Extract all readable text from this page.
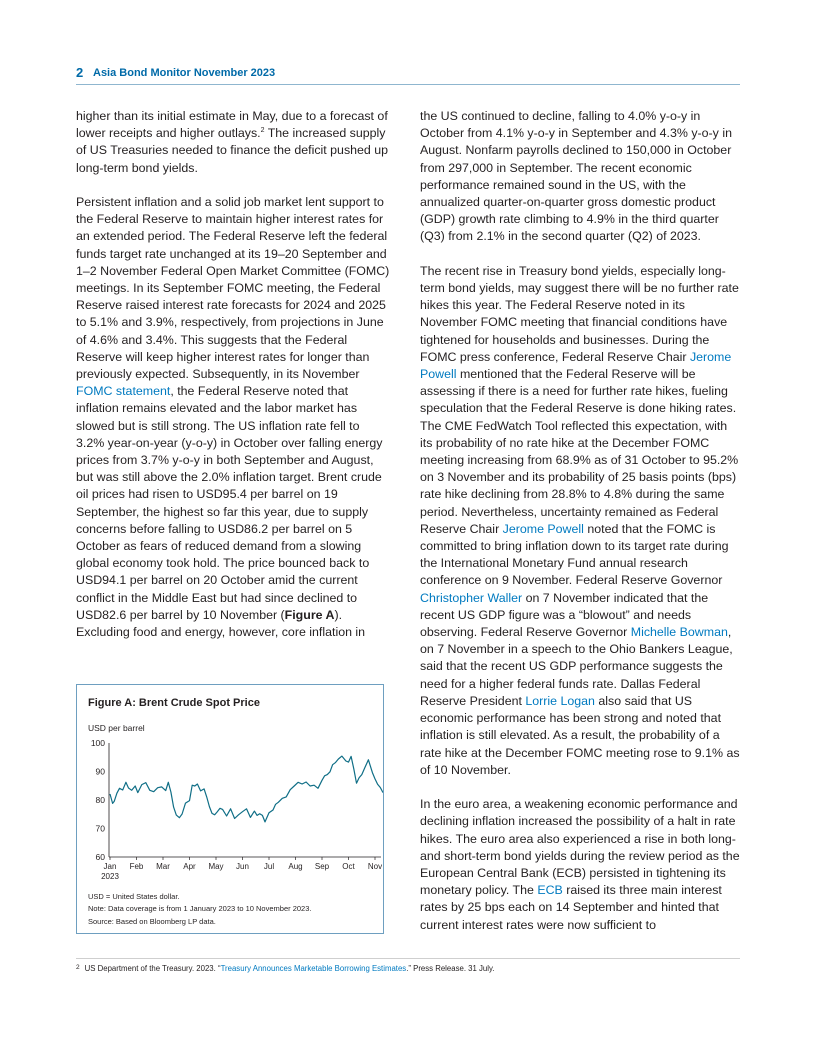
2 Asia Bond Monitor November 2023

higher than its initial estimate in May, due to a forecast of lower receipts and higher outlays.$^2$ The increased supply of US Treasuries needed to finance the deficit pushed up long-term bond yields.

Persistent inflation and a solid job market lent support to the Federal Reserve to maintain higher interest rates for an extended period. The Federal Reserve left the federal funds target rate unchanged at its 19–20 September and 1–2 November Federal Open Market Committee (FOMC) meetings. In its September FOMC meeting, the Federal Reserve raised interest rate forecasts for 2024 and 2025 to 5.1% and 3.9%, respectively, from projections in June of 4.6% and 3.4%. This suggests that the Federal Reserve will keep higher interest rates for longer than previously expected. Subsequently, in its November FOMC statement, the Federal Reserve noted that inflation remains elevated and the labor market has slowed but is still strong. The US inflation rate fell to 3.2% year-on-year (y-o-y) in October over falling energy prices from 3.7% y-o-y in both September and August, but was still above the 2.0% inflation target. Brent crude oil prices had risen to USD95.4 per barrel on 19 September, the highest so far this year, due to supply concerns before falling to USD86.2 per barrel on 5 October as fears of reduced demand from a slowing global economy took hold. The price bounced back to USD94.1 per barrel on 20 October amid the current conflict in the Middle East but had since declined to USD82.6 per barrel by 10 November (Figure A). Excluding food and energy, however, core inflation in

the US continued to decline, falling to 4.0% y-o-y in October from 4.1% y-o-y in September and 4.3% y-o-y in August. Nonfarm payrolls declined to 150,000 in October from 297,000 in September. The recent economic performance remained sound in the US, with the annualized quarter-on-quarter gross domestic product (GDP) growth rate climbing to 4.9% in the third quarter (Q3) from 2.1% in the second quarter (Q2) of 2023.

The recent rise in Treasury bond yields, especially long-term bond yields, may suggest there will be no further rate hikes this year. The Federal Reserve noted in its November FOMC meeting that financial conditions have tightened for households and businesses. During the FOMC press conference, Federal Reserve Chair Jerome Powell mentioned that the Federal Reserve will be assessing if there is a need for further rate hikes, fueling speculation that the Federal Reserve is done hiking rates. The CME FedWatch Tool reflected this expectation, with its probability of no rate hike at the December FOMC meeting increasing from 68.9% as of 31 October to 95.2% on 3 November and its probability of 25 basis points (bps) rate hike declining from 28.8% to 4.8% during the same period. Nevertheless, uncertainty remained as Federal Reserve Chair Jerome Powell noted that the FOMC is committed to bring inflation down to its target rate during the International Monetary Fund annual research conference on 9 November. Federal Reserve Governor Christopher Waller on 7 November indicated that the recent US GDP figure was a “blowout” and needs observing. Federal Reserve Governor Michelle Bowman, on 7 November in a speech to the Ohio Bankers League, said that the recent US GDP performance suggests the need for a higher federal funds rate. Dallas Federal Reserve President Lorrie Logan also said that US economic performance has been strong and noted that inflation is still elevated. As a result, the probability of a rate hike at the December FOMC meeting rose to 9.1% as of 10 November.

In the euro area, a weakening economic performance and declining inflation increased the possibility of a halt in rate hikes. The euro area also experienced a rise in both long- and short-term bond yields during the review period as the European Central Bank (ECB) persisted in tightening its monetary policy. The ECB raised its three main interest rates by 25 bps each on 14 September and hinted that current interest rates were now sufficient to

Figure A: Brent Crude Spot Price
USD per barrel
100
90
80
70
60
Jan Feb Mar Apr May Jun Jul Aug Sep Oct Nov
2023
USD = United States dollar.
Note: Data coverage is from 1 January 2023 to 10 November 2023.
Source: Based on Bloomberg LP data.
$^2$ US Department of the Treasury. 2023. “Treasury Announces Marketable Borrowing Estimates.” Press Release. 31 July.
